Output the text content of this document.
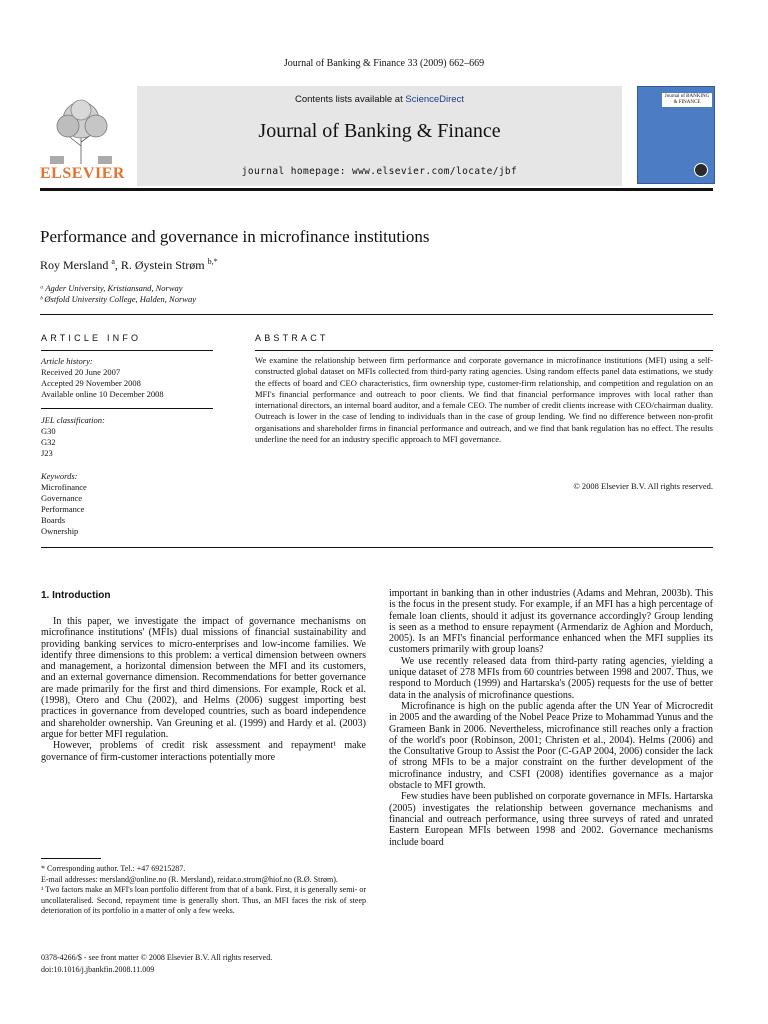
Journal of Banking & Finance 33 (2009) 662–669
ELSEVIER
Contents lists available at ScienceDirect
Journal of Banking & Finance
journal homepage: www.elsevier.com/locate/jbf
Journal of BANKING & FINANCE
Performance and governance in microfinance institutions
Roy Mersland $^a$, R. Øystein Strøm $^{b,*}$
ᵃ Agder University, Kristiansand, Norway
ᵇ Østfold University College, Halden, Norway
ARTICLE INFO
Article history:
Received 20 June 2007
Accepted 29 November 2008
Available online 10 December 2008
JEL classification:
G30
G32
J23
Keywords:
Microfinance
Governance
Performance
Boards
Ownership
ABSTRACT
We examine the relationship between firm performance and corporate governance in microfinance institutions (MFI) using a self-constructed global dataset on MFIs collected from third-party rating agencies. Using random effects panel data estimations, we study the effects of board and CEO characteristics, firm ownership type, customer-firm relationship, and competition and regulation on an MFI's financial performance and outreach to poor clients. We find that financial performance improves with local rather than international directors, an internal board auditor, and a female CEO. The number of credit clients increase with CEO/chairman duality. Outreach is lower in the case of lending to individuals than in the case of group lending. We find no difference between non-profit organisations and shareholder firms in financial performance and outreach, and we find that bank regulation has no effect. The results underline the need for an industry specific approach to MFI governance.
© 2008 Elsevier B.V. All rights reserved.
1. Introduction

In this paper, we investigate the impact of governance mechanisms on microfinance institutions' (MFIs) dual missions of financial sustainability and providing banking services to micro-enterprises and low-income families. We identify three dimensions to this problem: a vertical dimension between owners and management, a horizontal dimension between the MFI and its customers, and an external governance dimension. Recommendations for better governance are made primarily for the first and third dimensions. For example, Rock et al. (1998), Otero and Chu (2002), and Helms (2006) suggest importing best practices in governance from developed countries, such as board independence and shareholder ownership. Van Greuning et al. (1999) and Hardy et al. (2003) argue for better MFI regulation.

However, problems of credit risk assessment and repayment¹ make governance of firm-customer interactions potentially more

important in banking than in other industries (Adams and Mehran, 2003b). This is the focus in the present study. For example, if an MFI has a high percentage of female loan clients, should it adjust its governance accordingly? Group lending is seen as a method to ensure repayment (Armendariz de Aghion and Morduch, 2005). Is an MFI's financial performance enhanced when the MFI supplies its customers primarily with group loans?

We use recently released data from third-party rating agencies, yielding a unique dataset of 278 MFIs from 60 countries between 1998 and 2007. Thus, we respond to Morduch (1999) and Hartarska's (2005) requests for the use of better data in the analysis of microfinance questions.

Microfinance is high on the public agenda after the UN Year of Microcredit in 2005 and the awarding of the Nobel Peace Prize to Mohammad Yunus and the Grameen Bank in 2006. Nevertheless, microfinance still reaches only a fraction of the world's poor (Robinson, 2001; Christen et al., 2004). Helms (2006) and the Consultative Group to Assist the Poor (C-GAP 2004, 2006) consider the lack of strong MFIs to be a major constraint on the further development of the microfinance industry, and CSFI (2008) identifies governance as a major obstacle to MFI growth.

Few studies have been published on corporate governance in MFIs. Hartarska (2005) investigates the relationship between governance mechanisms and financial and outreach performance, using three surveys of rated and unrated Eastern European MFIs between 1998 and 2002. Governance mechanisms include board

* Corresponding author. Tel.: +47 69215287.

E-mail addresses: mersland@online.no (R. Mersland), reidar.o.strom@hiof.no (R.Ø. Strøm).

¹ Two factors make an MFI's loan portfolio different from that of a bank. First, it is generally semi- or uncollateralised. Second, repayment time is generally short. Thus, an MFI faces the risk of steep deterioration of its portfolio in a matter of only a few weeks.

0378-4266/$ - see front matter © 2008 Elsevier B.V. All rights reserved.
doi:10.1016/j.jbankfin.2008.11.009
